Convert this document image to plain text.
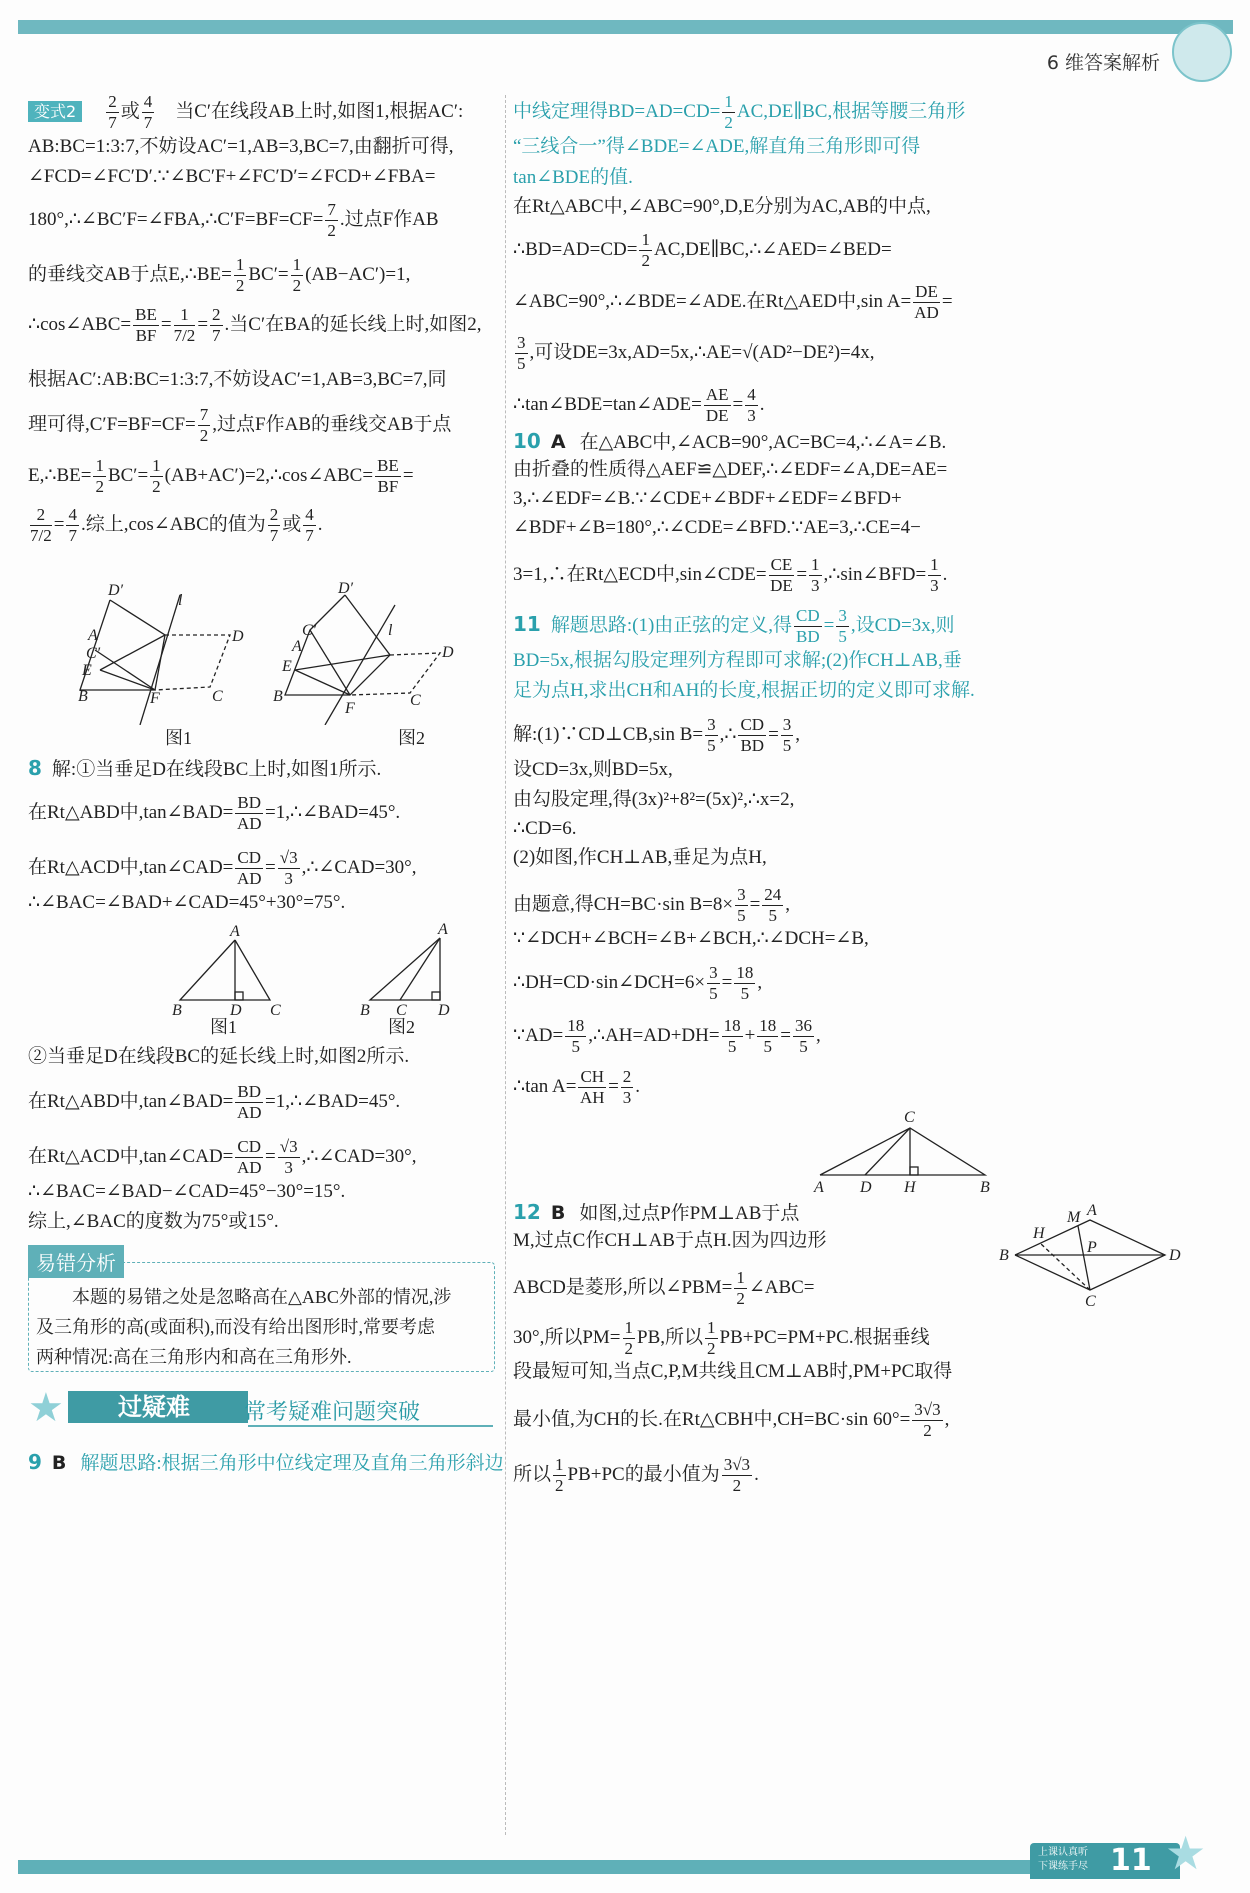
6 维答案解析
变式$2 \frac{2}{7}$ 或 $\frac{4}{7}$ 　当C′在线段AB上时,如图1,根据AC′:
AB:BC=1:3:7,不妨设AC′=1,AB=3,BC=7,由翻折可得,
∠FCD=∠FC′D′.∵∠BC′F+∠FC′D′=∠FCD+∠FBA=
180°,∴∠BC′F=∠FBA,∴C′F=BF=CF= $\frac{7}{2}$ .过点F作AB
的垂线交AB于点E,∴BE= $\frac{1}{2} BC'= \frac{1}{2} (AB-AC')=1$,
∴cos∠ABC= $\frac{BE}{BF} = \frac{1}{7/2} = \frac{2}{7}$ .当C′在BA的延长线上时,如图2,
根据AC′:AB:BC=1:3:7,不妨设AC′=1,AB=3,BC=7,同
理可得$,C'F=BF=CF= \frac{7}{2}$ ,过点F作AB的垂线交AB于点
E,∴BE= $\frac{1}{2} BC'= \frac{1}{2}$ (AB+AC′)=2,∴cos∠ABC= $\frac{BE}{BF}$ =
$\frac{2}{7/2} = \frac{4}{7}$ .综上,cos∠ABC的值为 $\frac{2}{7}$ 或 $\frac{4}{7}$ .
D′
l
A
C′
E
B	F	C
D
D′
C′
A
E
B
F	C
D
l
图1	图2
8 解:①当垂足D在线段BC上时,如图1所示.
在Rt△ABD中,tan∠BAD= $\frac{BD}{AD}$ =1,∴∠BAD=45°.
在Rt△ACD中,tan∠CAD= $\frac{CD}{AD} = \frac{√3}{3}$ ,∴∠CAD=30°,
∴∠BAC=∠BAD+∠CAD=45°+30°=75°.
A
B	D C
A
B C D
图1	图2
②当垂足D在线段BC的延长线上时,如图2所示.
在Rt△ABD中,tan∠BAD= $\frac{BD}{AD}$ =1,∴∠BAD=45°.
在Rt△ACD中,tan∠CAD= $\frac{CD}{AD} = \frac{√3}{3}$ ,∴∠CAD=30°,
∴∠BAC=∠BAD−∠CAD=45°−30°=15°.
综上,∠BAC的度数为75°或15°.
易错分析
　　本题的易错之处是忽略高在△ABC外部的情况,涉
及三角形的高(或面积),而没有给出图形时,常要考虑
两种情况:高在三角形内和高在三角形外.
过疑难
★	常考疑难问题突破
9 B 解题思路:根据三角形中位线定理及直角三角形斜边
中线定理得$BD=AD=CD= \frac{1}{2}$ AC,DE∥BC,根据等腰三角形
“三线合一”得∠BDE=∠ADE,解直角三角形即可得
tan∠BDE的值.
在Rt△ABC中,∠ABC=90°,D,E分别为AC,AB的中点,
∴BD=AD=CD= $\frac{1}{2}$ AC,DE∥BC,∴∠AED=∠BED=
∠ABC=90°,∴∠BDE=∠ADE.在Rt△AED中,sin $A= \frac{DE}{AD}$ =
$\frac{3}{5}$ ,可设DE=3x,AD=5x,∴AE=√(AD²−DE²)=4x,
∴tan∠BDE=tan∠ADE= $\frac{AE}{DE} = \frac{4}{3}$ .
10 A 在△ABC中,∠ACB=90°,AC=BC=4,∴∠A=∠B.
由折叠的性质得△AEF≌△DEF,∴∠EDF=∠A,DE=AE=
3,∴∠EDF=∠B.∵∠CDE+∠BDF+∠EDF=∠BFD+
∠BDF+∠B=180°,∴∠CDE=∠BFD.∵AE=3,∴CE=4−
3=1,∴在Rt△ECD中,sin∠CDE= $\frac{CE}{DE} = \frac{1}{3}$ ,∴sin∠BFD= $\frac{1}{3}$ .
11 解题思路:(1)由正弦的定义,得 $\frac{CD}{BD} = \frac{3}{5}$ ,设CD=3x,则
BD=5x,根据勾股定理列方程即可求解;(2)作CH⊥AB,垂
足为点H,求出CH和AH的长度,根据正切的定义即可求解.
解:(1)∵CD⊥CB,sin $B= \frac{3}{5}$ ,∴ $\frac{CD}{BD} = \frac{3}{5}$ ,
设CD=3x,则BD=5x,
由勾股定理,得(3x)²+8²=(5x)²,∴x=2,
∴CD=6.
(2)如图,作CH⊥AB,垂足为点H,
由题意,得CH=BC·sin $B=8\times \frac{3}{5} = \frac{24}{5}$ ,
∵∠DCH+∠BCH=∠B+∠BCH,∴∠DCH=∠B,
∴DH=CD·sin∠DCH=6× $\frac{3}{5} = \frac{18}{5}$ ,
∵AD= $\frac{18}{5}$ ,∴AH=AD+DH= $\frac{18}{5} + \frac{18}{5} = \frac{36}{5}$ ,
∴tan $A= \frac{CH}{AH} = \frac{2}{3}$ .
C
A D H	B
12 B 如图,过点P作PM⊥AB于点
M,过点C作CH⊥AB于点H.因为四边形
ABCD是菱形,所以∠PBM= $\frac{1}{2}$ ∠ABC=
30°,所以$PM= \frac{1}{2}$ PB,所以 $\frac{1}{2} PB+PC=PM+PC$.根据垂线
段最短可知,当点C,P,M共线且CM⊥AB时,PM+PC取得
最小值,为CH的长.在Rt△CBH中,CH=BC·sin $60^\circ= \frac{3√3}{2}$ ,
所以 $\frac{1}{2} PB+PC$的最小值为 $\frac{3√3}{2}$ .
H
M A
B	P	D
C
上课认真听
下课练手尽 11 ★
